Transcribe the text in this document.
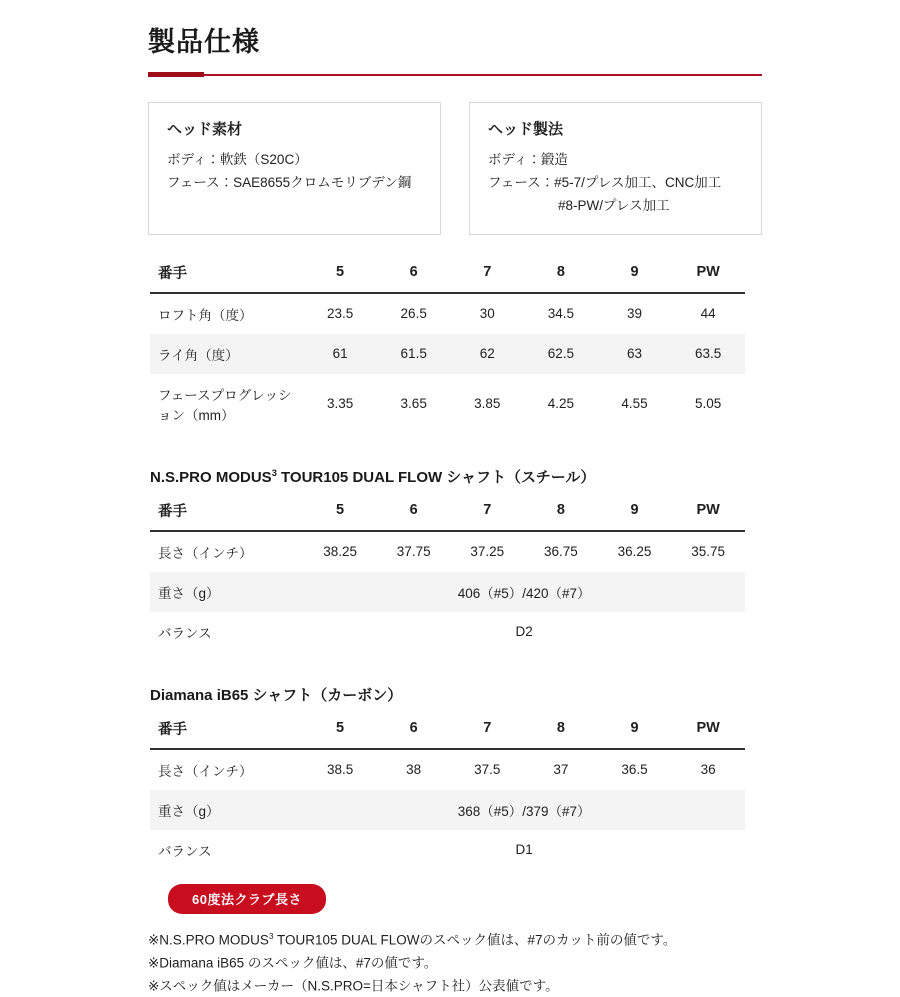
製品仕様
ヘッド素材
ボディ：軟鉄（S20C）
フェース：SAE8655クロムモリブデン鋼
ヘッド製法
ボディ：鍛造
フェース：#5-7/プレス加工、CNC加工
#8-PW/プレス加工
番手	5	6	7	8	9	PW
ロフト角（度）	23.5	26.5	30	34.5	39	44
ライ角（度）	61	61.5	62	62.5	63	63.5
フェースプログレッション（mm）	3.35	3.65	3.85	4.25	4.55	5.05
N.S.PRO MODUS$^3$ TOUR105 DUAL FLOW シャフト（スチール）
番手	5	6	7	8	9	PW
長さ（インチ）	38.25	37.75	37.25	36.75	36.25	35.75
重さ（g）	406（#5）/420（#7）					
バランス	D2					
Diamana iB65 シャフト（カーボン）
番手	5	6	7	8	9	PW
長さ（インチ）	38.5	38	37.5	37	36.5	36
重さ（g）	368（#5）/379（#7）					
バランス	D1					
60度法クラブ長さ

※N.S.PRO MODUS$^3$ TOUR105 DUAL FLOWのスペック値は、#7のカット前の値です。

※Diamana iB65 のスペック値は、#7の値です。

※スペック値はメーカー（N.S.PRO=日本シャフト社）公表値です。
